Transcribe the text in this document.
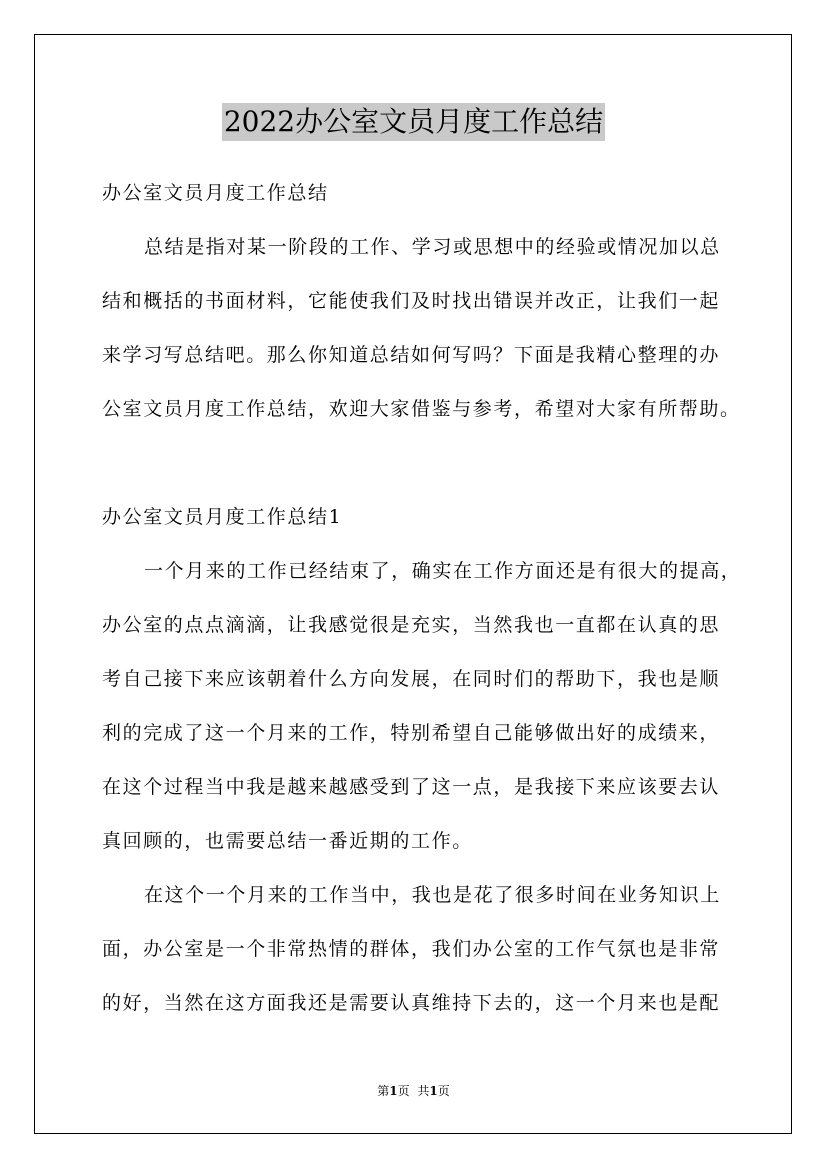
2022办公室文员月度工作总结
办公室文员月度工作总结
总结是指对某一阶段的工作、学习或思想中的经验或情况加以总
结和概括的书面材料，它能使我们及时找出错误并改正，让我们一起
来学习写总结吧。那么你知道总结如何写吗？下面是我精心整理的办
公室文员月度工作总结，欢迎大家借鉴与参考，希望对大家有所帮助。
办公室文员月度工作总结1
一个月来的工作已经结束了，确实在工作方面还是有很大的提高，
办公室的点点滴滴，让我感觉很是充实，当然我也一直都在认真的思
考自己接下来应该朝着什么方向发展，在同时们的帮助下，我也是顺
利的完成了这一个月来的工作，特别希望自己能够做出好的成绩来，
在这个过程当中我是越来越感受到了这一点，是我接下来应该要去认
真回顾的，也需要总结一番近期的工作。
在这个一个月来的工作当中，我也是花了很多时间在业务知识上
面，办公室是一个非常热情的群体，我们办公室的工作气氛也是非常
的好，当然在这方面我还是需要认真维持下去的，这一个月来也是配
第1页 共1页
